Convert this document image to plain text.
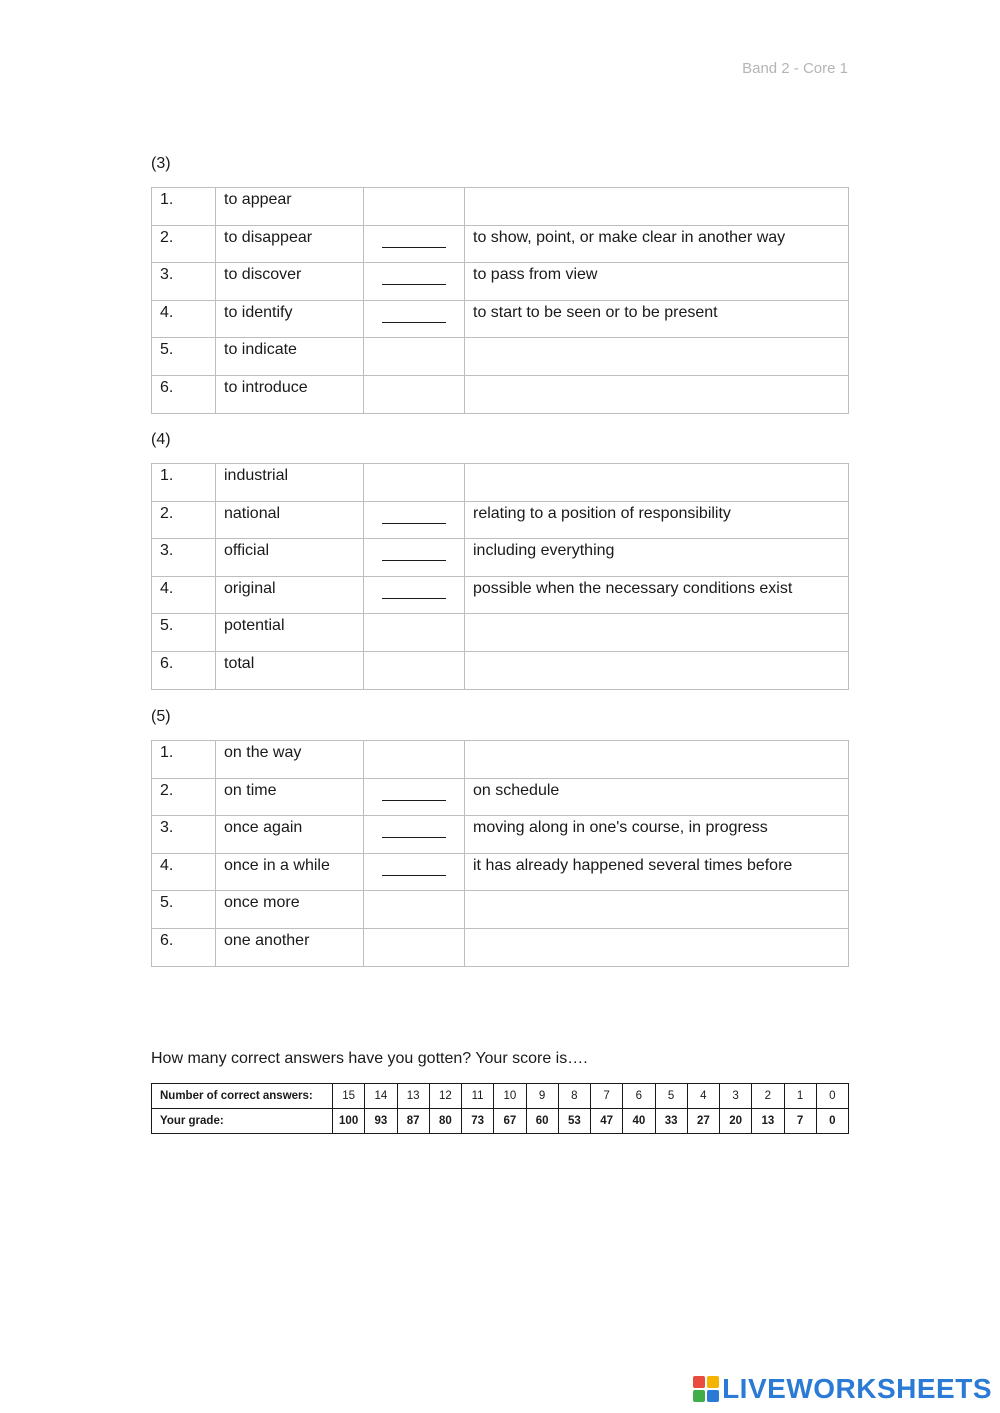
Band 2 - Core 1
(3)
1.	to appear		
2.	to disappear		to show, point, or make clear in another way
3.	to discover		to pass from view
4.	to identify		to start to be seen or to be present
5.	to indicate		
6.	to introduce		
(4)
1.	industrial		
2.	national		relating to a position of responsibility
3.	official		including everything
4.	original		possible when the necessary conditions exist
5.	potential		
6.	total		
(5)
1.	on the way		
2.	on time		on schedule
3.	once again		moving along in one's course, in progress
4.	once in a while		it has already happened several times before
5.	once more		
6.	one another		
How many correct answers have you gotten? Your score is….
Number of correct answers:	15	14	13	12	11	10	9	8	7	6	5	4	3	2	1	0
Your grade:	100	93	87	80	73	67	60	53	47	40	33	27	20	13	7	0
LIVEWORKSHEETS
